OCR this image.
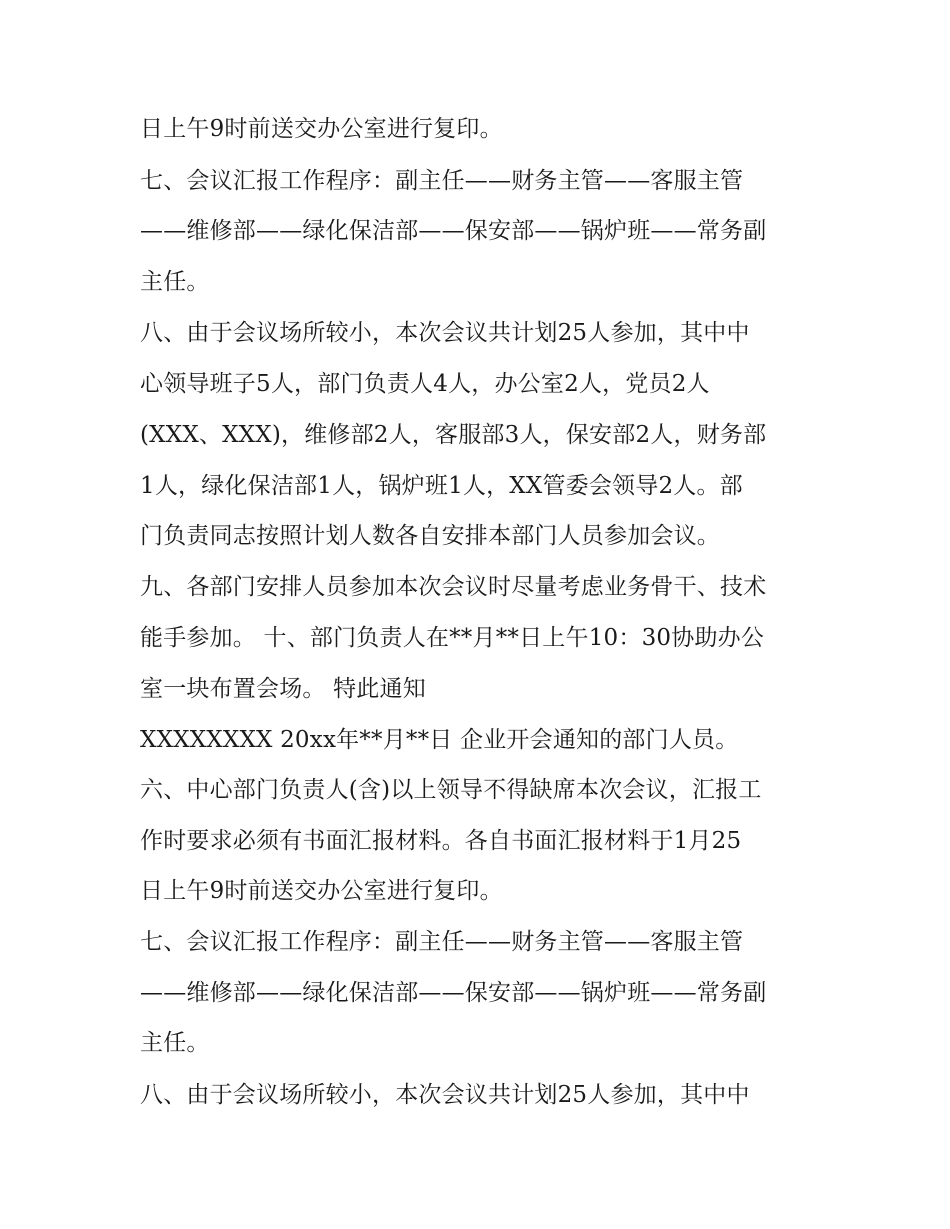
日上午9时前送交办公室进行复印。
七、会议汇报工作程序：副主任——财务主管——客服主管
——维修部——绿化保洁部——保安部——锅炉班——常务副
主任。
八、由于会议场所较小，本次会议共计划25人参加，其中中
心领导班子5人，部门负责人4人，办公室2人，党员2人
(XXX、XXX)，维修部2人，客服部3人，保安部2人，财务部
1人，绿化保洁部1人，锅炉班1人，XX管委会领导2人。部
门负责同志按照计划人数各自安排本部门人员参加会议。
九、各部门安排人员参加本次会议时尽量考虑业务骨干、技术
能手参加。 十、部门负责人在**月**日上午10：30协助办公
室一块布置会场。 特此通知
XXXXXXXX 20xx年**月**日 企业开会通知的部门人员。
六、中心部门负责人(含)以上领导不得缺席本次会议，汇报工
作时要求必须有书面汇报材料。各自书面汇报材料于1月25
日上午9时前送交办公室进行复印。
七、会议汇报工作程序：副主任——财务主管——客服主管
——维修部——绿化保洁部——保安部——锅炉班——常务副
主任。
八、由于会议场所较小，本次会议共计划25人参加，其中中
